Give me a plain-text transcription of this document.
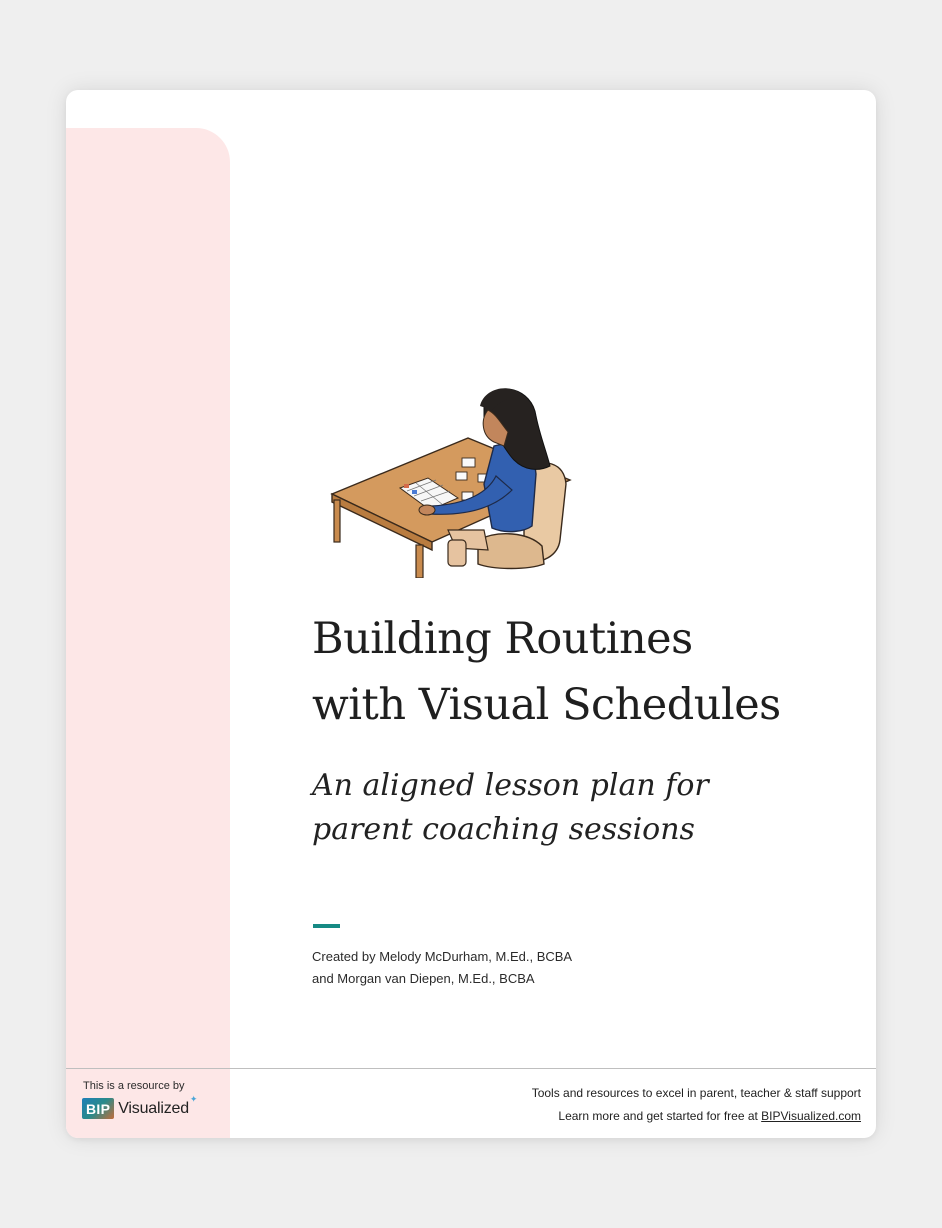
Building Routines
with Visual Schedules
An aligned lesson plan for
parent coaching sessions
Created by Melody McDurham, M.Ed., BCBA
and Morgan van Diepen, M.Ed., BCBA
This is a resource by
BIP Visualized
✦	Tools and resources to excel in parent, teacher & staff support
Learn more and get started for free at BIPVisualized.com
